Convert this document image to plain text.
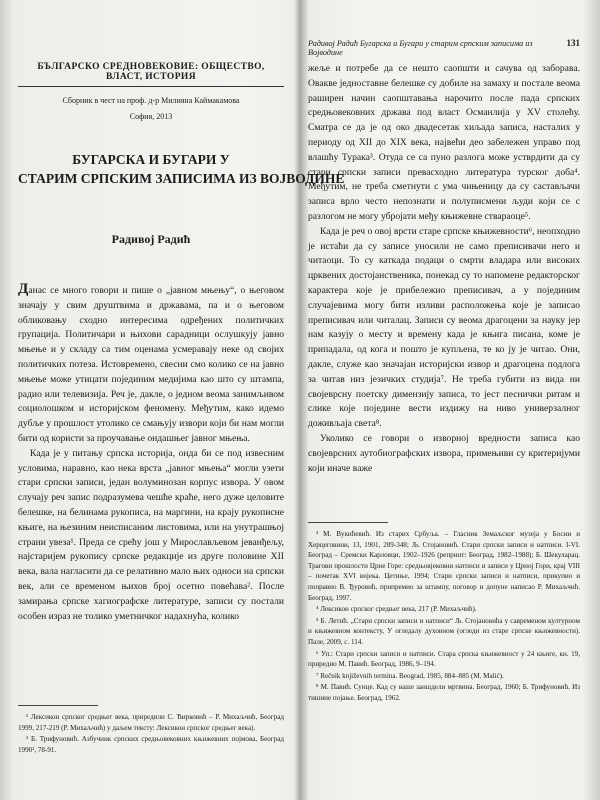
БЪЛГАРСКО СРЕДНОВЕКОВИЕ: ОБЩЕСТВО, ВЛАСТ, ИСТОРИЯ
Сборник в чест на проф. д-р Милияна Каймакамова
София, 2013
БУГАРСКА И БУГАРИ У
СТАРИМ СРПСКИМ ЗАПИСИМА ИЗ ВОЈВОДИНЕ
Радивој Радић

Данас се много говори и пише о „јавном мњењу“, о његовом значају у свим друштвима и државама, па и о његовом обликовању сходно интересима одређених политичких групација. Политичари и њихови сарадници ослушкују јавно мњење и у складу са тим оценама усмеравају неке од својих политичких потеза. Истовремено, свесни смо колико се на јавно мњење може утицати појединим медијима као што су штампа, радио или телевизија. Реч је, дакле, о једном веома занимљивом социолошком и историјском феномену. Међутим, како идемо дубље у прошлост утолико се смањују извори који би нам могли бити од користи за проучавање ондашњег јавног мњења.

Када је у питању српска историја, онда би се под извесним условима, наравно, као нека врста „јавног мњења“ могли узети стари српски записи, један волуминозан корпус извора. У овом случају реч запис подразумева чешће краће, него дуже целовите белешке, на белинама рукописа, на маргини, на крају рукописне књиге, на њезиним неисписаним листовима, или на унутрашњој страни увеза¹. Преда се срећу још у Мирослављевом јеванђељу, најстаријем рукопису српске редакције из друге половине XII века, вала нагласити да се релативно мало њих односи на српски век, али се временом њихов број осетно повећава². После замирања српске хагиографске литературе, записи су постали особен израз не толико уметничког надахнућа, колико

¹ Лексикон српског средњег века, приредили С. Ћирковић – Р. Михаљчић, Београд 1999, 217-219 (Р. Михаљчић) у даљем тексту: Лексикон српског средњег века).

² Б. Трифуновић. Азбучник српских средњовековних књижевних појмова, Београд 1990², 78-91.

Радивој Радић Бугарска и Бугари у старим српским записима из Војводине
131

жеље и потребе да се нешто саопшти и сачува од заборава. Овакве једноставне белешке су добиле на замаху и постале веома раширен начин саопштавања нарочито после пада српских средњовековних држава под власт Османлија у XV столећу. Сматра се да је од око двадесетак хиљада записа, насталих у периоду од XII до XIX века, највећи део забележен управо под влашћу Турака³. Отуда се са пуно разлога може устврдити да су стари српски записи превасходно литература турског доба⁴. Међутим, не треба сметнути с ума чињеницу да су састављачи записа врло често непознати и полуписмени људи који се с разлогом не могу убројати међу књижевне ствараоце⁵.

Када је реч о овој врсти старе српске књижевности⁶, неопходно је истаћи да су записе уносили не само преписивачи него и читаоци. То су каткада подаци о смрти владара или високих црквених достојанственика, понекад су то напомене редакторског карактера које је прибележио преписивач, а у појединим случајевима могу бити изливи расположења које је записао преписивач или читалац. Записи су веома драгоцени за науку јер нам казују о месту и времену када је књига писана, коме је припадала, од кога и пошто је купљена, те ко ју је читао. Они, дакле, служе као значајан историјски извор и драгоцена подлога за читав низ језичких студија⁷. Не треба губити из вида ни својеврсну поетску димензију записа, то јест песнички ритам и слике које поједине вести издижу на ниво универзалног доживљаја света⁸.

Уколико се говори о изворној вредности записа као својеврсних аутобиографских извора, примењиви су критеријуми који иначе важе

³ М. Вукићевић. Из старих Србуља. – Гласник Земаљског музеја у Босни и Херцеговини, 13, 1901, 289-348; Љ. Стојановић. Стари српски записи и натписи. I-VI. Београд – Сремски Карловци, 1902–1926 (репринт: Београд, 1982–1988); Б. Шекуларац. Трагови прошлости Црне Горе: средњовјековни натписи и записи у Црној Гори, крај VIII – почетак XVI вијека. Цетиње, 1994; Стари српски записи и натписи, прикупио и поправио В. Ђуровић, припремио за штампу, поговор и допуне написао Р. Михаљчић. Београд, 1997.

⁴ Лексикон српског средњег века, 217 (Р. Михаљчић).

⁵ Б. Летић. „Стари српски записи и натписи“ Љ. Стојановића у савременом културном и књижевном контексту, У огледалу духовном (огледи из старе српске књижевности). Пале, 2009, с. 114.

⁶ Уп.: Стари српски записи и натписи. Стара српска књижевност у 24 књиге, кн. 19, приредио М. Павић. Београд, 1986, 9–194.

⁷ Rečnik književnih termina. Beograd, 1985, 884–885 (M. Malić).

⁸ М. Павић. Сунце. Кад су ваше заншдели мртвина. Београд, 1960; Б. Трифуновић. Из тишине појање. Београд, 1962.
